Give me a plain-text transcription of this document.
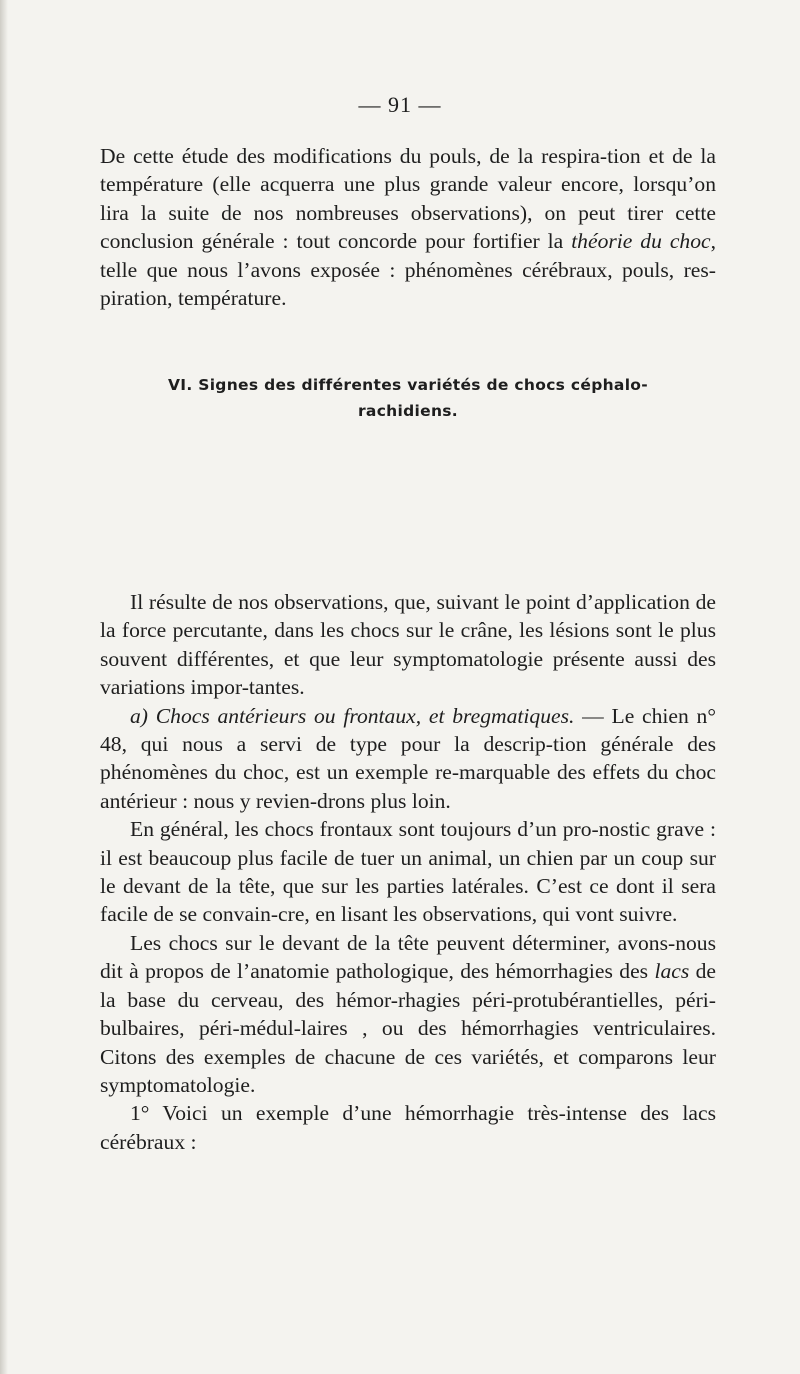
— 91 —

De cette étude des modifications du pouls, de la respira-tion et de la température (elle acquerra une plus grande valeur encore, lorsqu’on lira la suite de nos nombreuses observations), on peut tirer cette conclusion générale : tout concorde pour fortifier la théorie du choc, telle que nous l’avons exposée : phénomènes cérébraux, pouls, res-piration, température.

VI. Signes des différentes variétés de chocs céphalo-
rachidiens.

Il résulte de nos observations, que, suivant le point d’application de la force percutante, dans les chocs sur le crâne, les lésions sont le plus souvent différentes, et que leur symptomatologie présente aussi des variations impor-tantes.

a) Chocs antérieurs ou frontaux, et bregmatiques. — Le chien n° 48, qui nous a servi de type pour la descrip-tion générale des phénomènes du choc, est un exemple re-marquable des effets du choc antérieur : nous y revien-drons plus loin.

En général, les chocs frontaux sont toujours d’un pro-nostic grave : il est beaucoup plus facile de tuer un animal, un chien par un coup sur le devant de la tête, que sur les parties latérales. C’est ce dont il sera facile de se convain-cre, en lisant les observations, qui vont suivre.

Les chocs sur le devant de la tête peuvent déterminer, avons-nous dit à propos de l’anatomie pathologique, des hémorrhagies des lacs de la base du cerveau, des hémor-rhagies péri-protubérantielles, péri-bulbaires, péri-médul-laires , ou des hémorrhagies ventriculaires. Citons des exemples de chacune de ces variétés, et comparons leur symptomatologie.

1° Voici un exemple d’une hémorrhagie très-intense des lacs cérébraux :
